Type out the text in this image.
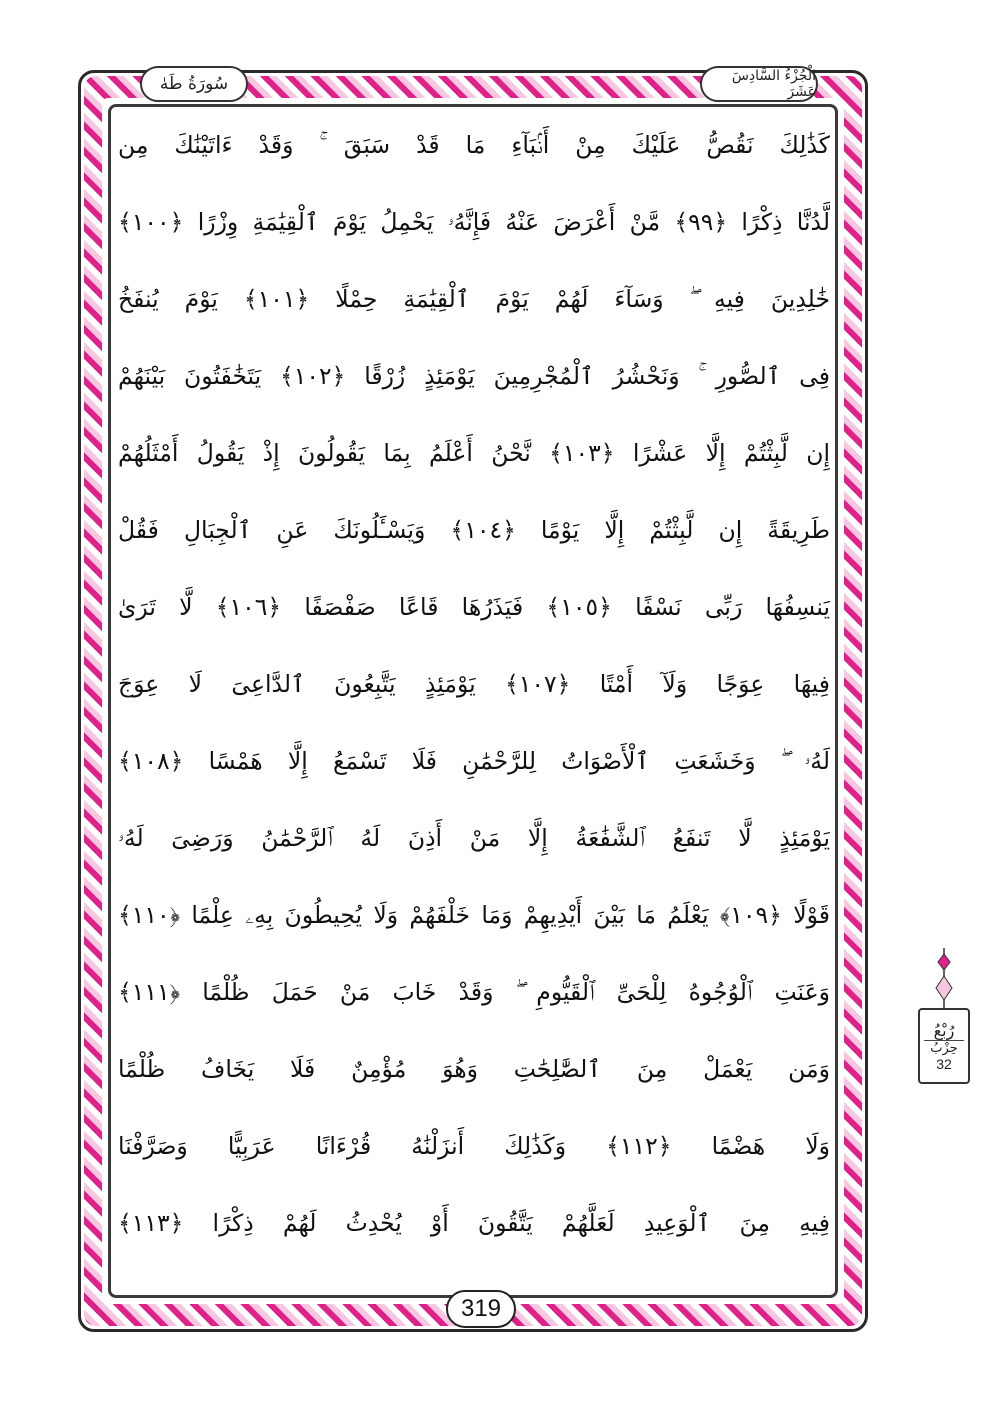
سُورَةُ طَهٰ	الْجُزْءُ السَّادِسَ عَشَرَ
كَذَٰلِكَ نَقُصُّ عَلَيْكَ مِنْ أَنۢبَآءِ مَا قَدْ سَبَقَ ۚ وَقَدْ ءَاتَيْنَٰكَ مِن
لَّدُنَّا ذِكْرًا ﴿٩٩﴾ مَّنْ أَعْرَضَ عَنْهُ فَإِنَّهُۥ يَحْمِلُ يَوْمَ ٱلْقِيَٰمَةِ وِزْرًا ﴿١٠٠﴾
خَٰلِدِينَ فِيهِ ۖ وَسَآءَ لَهُمْ يَوْمَ ٱلْقِيَٰمَةِ حِمْلًا ﴿١٠١﴾ يَوْمَ يُنفَخُ
فِى ٱلصُّورِ ۚ وَنَحْشُرُ ٱلْمُجْرِمِينَ يَوْمَئِذٍ زُرْقًا ﴿١٠٢﴾ يَتَخَٰفَتُونَ بَيْنَهُمْ
إِن لَّبِثْتُمْ إِلَّا عَشْرًا ﴿١٠٣﴾ نَّحْنُ أَعْلَمُ بِمَا يَقُولُونَ إِذْ يَقُولُ أَمْثَلُهُمْ
طَرِيقَةً إِن لَّبِثْتُمْ إِلَّا يَوْمًا ﴿١٠٤﴾ وَيَسْـَٔلُونَكَ عَنِ ٱلْجِبَالِ فَقُلْ
يَنسِفُهَا رَبِّى نَسْفًا ﴿١٠٥﴾ فَيَذَرُهَا قَاعًا صَفْصَفًا ﴿١٠٦﴾ لَّا تَرَىٰ
فِيهَا عِوَجًا وَلَآ أَمْتًا ﴿١٠٧﴾ يَوْمَئِذٍ يَتَّبِعُونَ ٱلدَّاعِىَ لَا عِوَجَ
لَهُۥ ۖ وَخَشَعَتِ ٱلْأَصْوَاتُ لِلرَّحْمَٰنِ فَلَا تَسْمَعُ إِلَّا هَمْسًا ﴿١٠٨﴾
يَوْمَئِذٍ لَّا تَنفَعُ ٱلشَّفَٰعَةُ إِلَّا مَنْ أَذِنَ لَهُ ٱلرَّحْمَٰنُ وَرَضِىَ لَهُۥ
قَوْلًا ﴿١٠٩﴾ يَعْلَمُ مَا بَيْنَ أَيْدِيهِمْ وَمَا خَلْفَهُمْ وَلَا يُحِيطُونَ بِهِۦ عِلْمًا ﴿١١٠﴾
وَعَنَتِ ٱلْوُجُوهُ لِلْحَىِّ ٱلْقَيُّومِ ۖ وَقَدْ خَابَ مَنْ حَمَلَ ظُلْمًا ﴿١١١﴾
وَمَن يَعْمَلْ مِنَ ٱلصَّٰلِحَٰتِ وَهُوَ مُؤْمِنٌ فَلَا يَخَافُ ظُلْمًا
وَلَا هَضْمًا ﴿١١٢﴾ وَكَذَٰلِكَ أَنزَلْنَٰهُ قُرْءَانًا عَرَبِيًّا وَصَرَّفْنَا
فِيهِ مِنَ ٱلْوَعِيدِ لَعَلَّهُمْ يَتَّقُونَ أَوْ يُحْدِثُ لَهُمْ ذِكْرًا ﴿١١٣﴾
319
رُبْعُ
حِزْبُ
32
